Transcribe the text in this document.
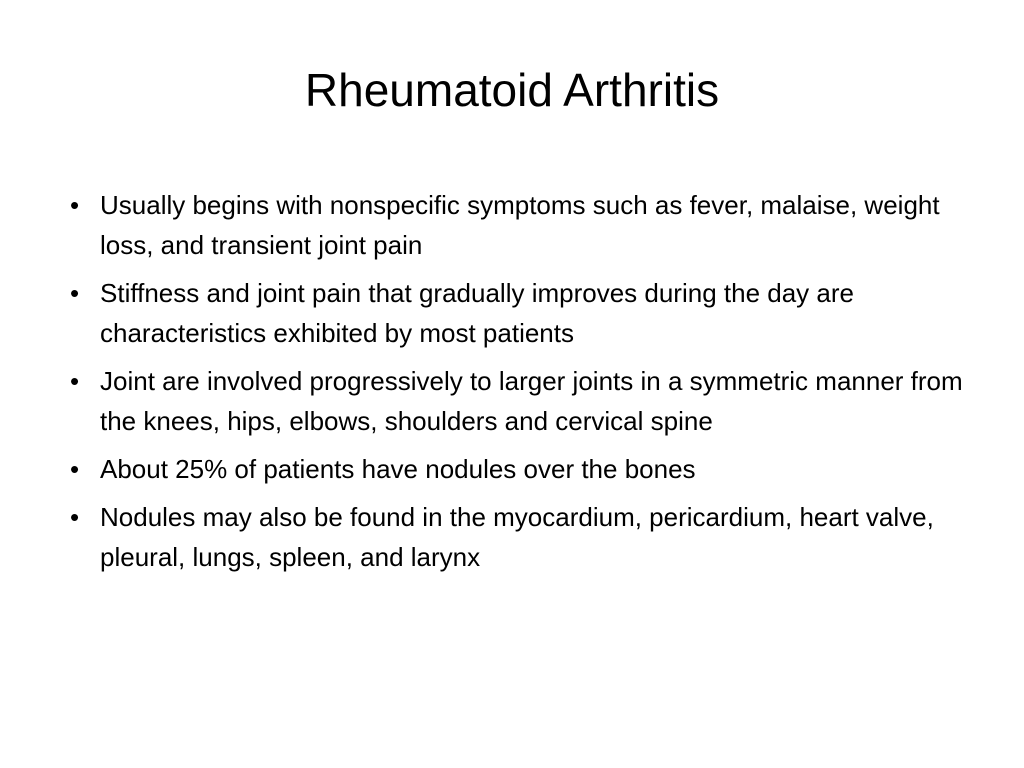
Rheumatoid Arthritis
• Usually begins with nonspecific symptoms such as fever, malaise, weight loss, and transient joint pain
• Stiffness and joint pain that gradually improves during the day are characteristics exhibited by most patients
• Joint are involved progressively to larger joints in a symmetric manner from the knees, hips, elbows, shoulders and cervical spine
• About 25% of patients have nodules over the bones
• Nodules may also be found in the myocardium, pericardium, heart valve, pleural, lungs, spleen, and larynx
